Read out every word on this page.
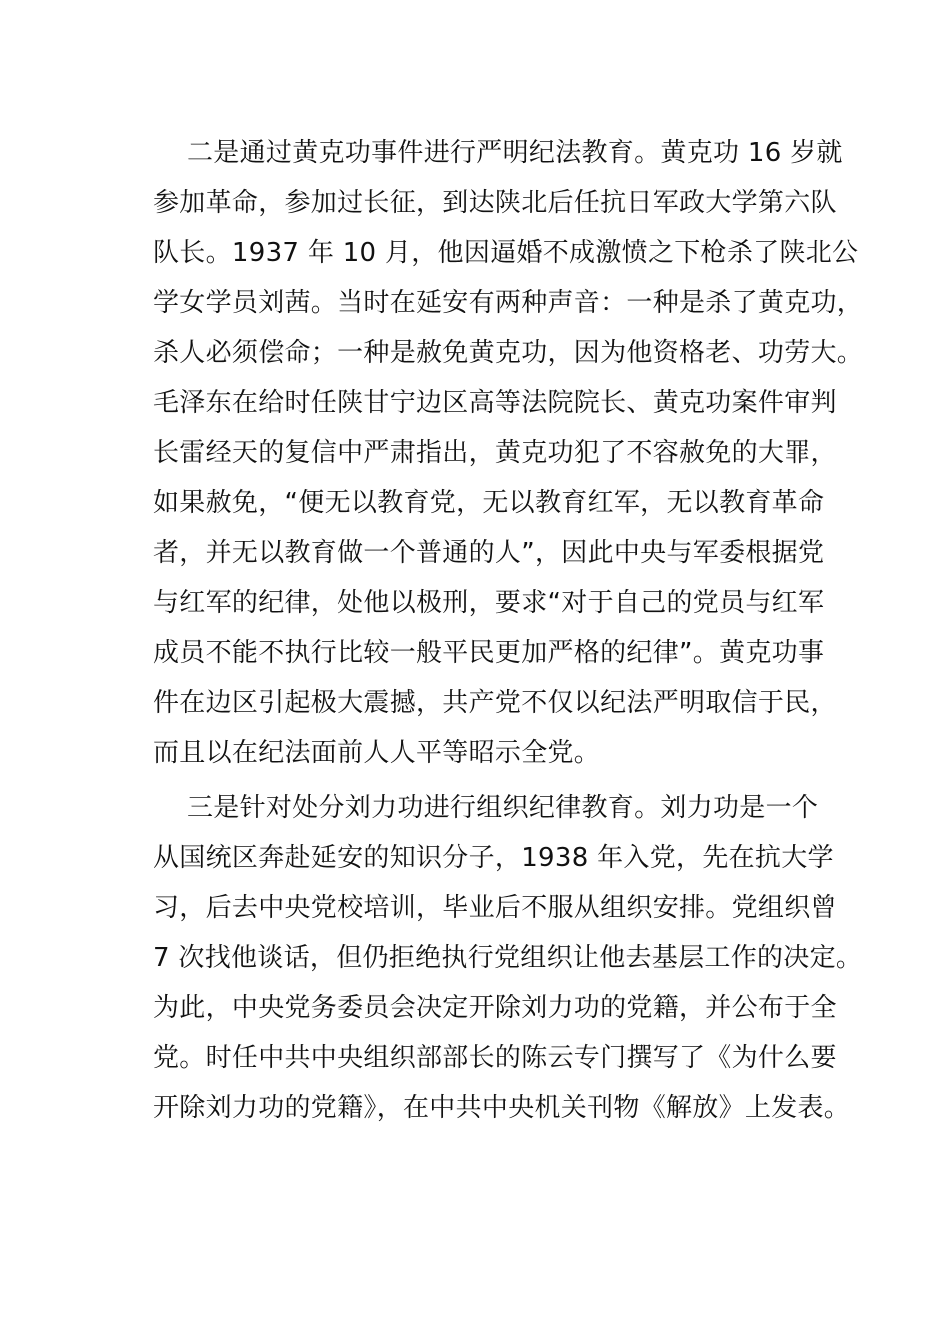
二是通过黄克功事件进行严明纪法教育。黄克功 16 岁就
参加革命，参加过长征，到达陕北后任抗日军政大学第六队
队长。1937 年 10 月，他因逼婚不成激愤之下枪杀了陕北公
学女学员刘茜。当时在延安有两种声音：一种是杀了黄克功，
杀人必须偿命；一种是赦免黄克功，因为他资格老、功劳大。
毛泽东在给时任陕甘宁边区高等法院院长、黄克功案件审判
长雷经天的复信中严肃指出，黄克功犯了不容赦免的大罪，
如果赦免，“便无以教育党，无以教育红军，无以教育革命
者，并无以教育做一个普通的人”，因此中央与军委根据党
与红军的纪律，处他以极刑，要求“对于自己的党员与红军
成员不能不执行比较一般平民更加严格的纪律”。黄克功事
件在边区引起极大震撼，共产党不仅以纪法严明取信于民，
而且以在纪法面前人人平等昭示全党。
三是针对处分刘力功进行组织纪律教育。刘力功是一个
从国统区奔赴延安的知识分子，1938 年入党，先在抗大学
习，后去中央党校培训，毕业后不服从组织安排。党组织曾
7 次找他谈话，但仍拒绝执行党组织让他去基层工作的决定。
为此，中央党务委员会决定开除刘力功的党籍，并公布于全
党。时任中共中央组织部部长的陈云专门撰写了《为什么要
开除刘力功的党籍》，在中共中央机关刊物《解放》上发表。
